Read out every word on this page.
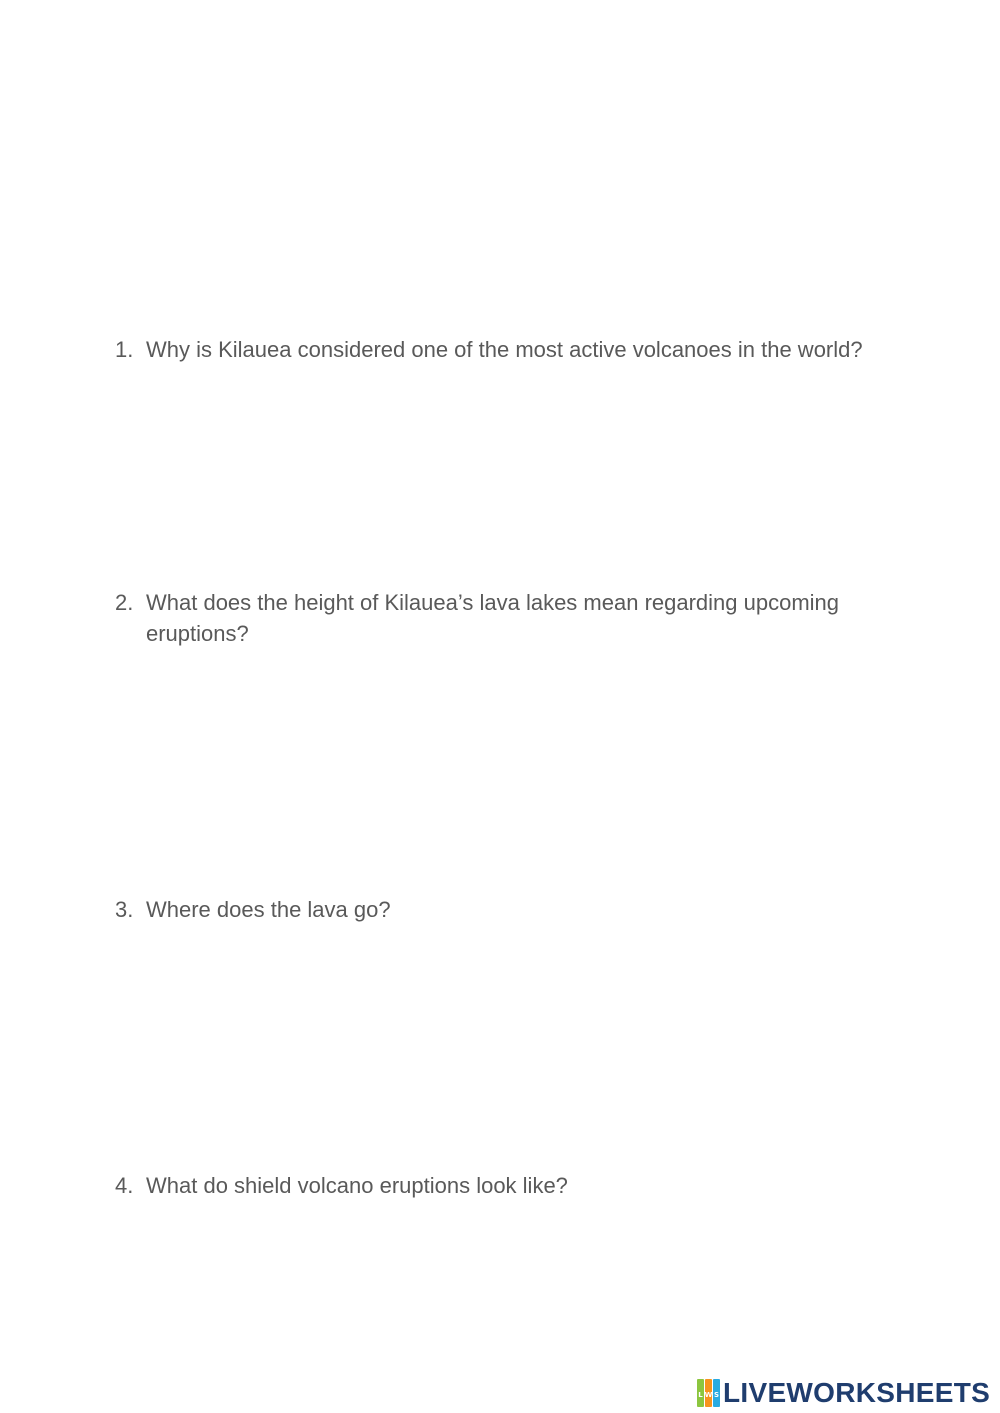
1. Why is Kilauea considered one of the most active volcanoes in the world?
2. What does the height of Kilauea’s lava lakes mean regarding upcoming eruptions?
3. Where does the lava go?
4. What do shield volcano eruptions look like?
L W S LIVEWORKSHEETS
